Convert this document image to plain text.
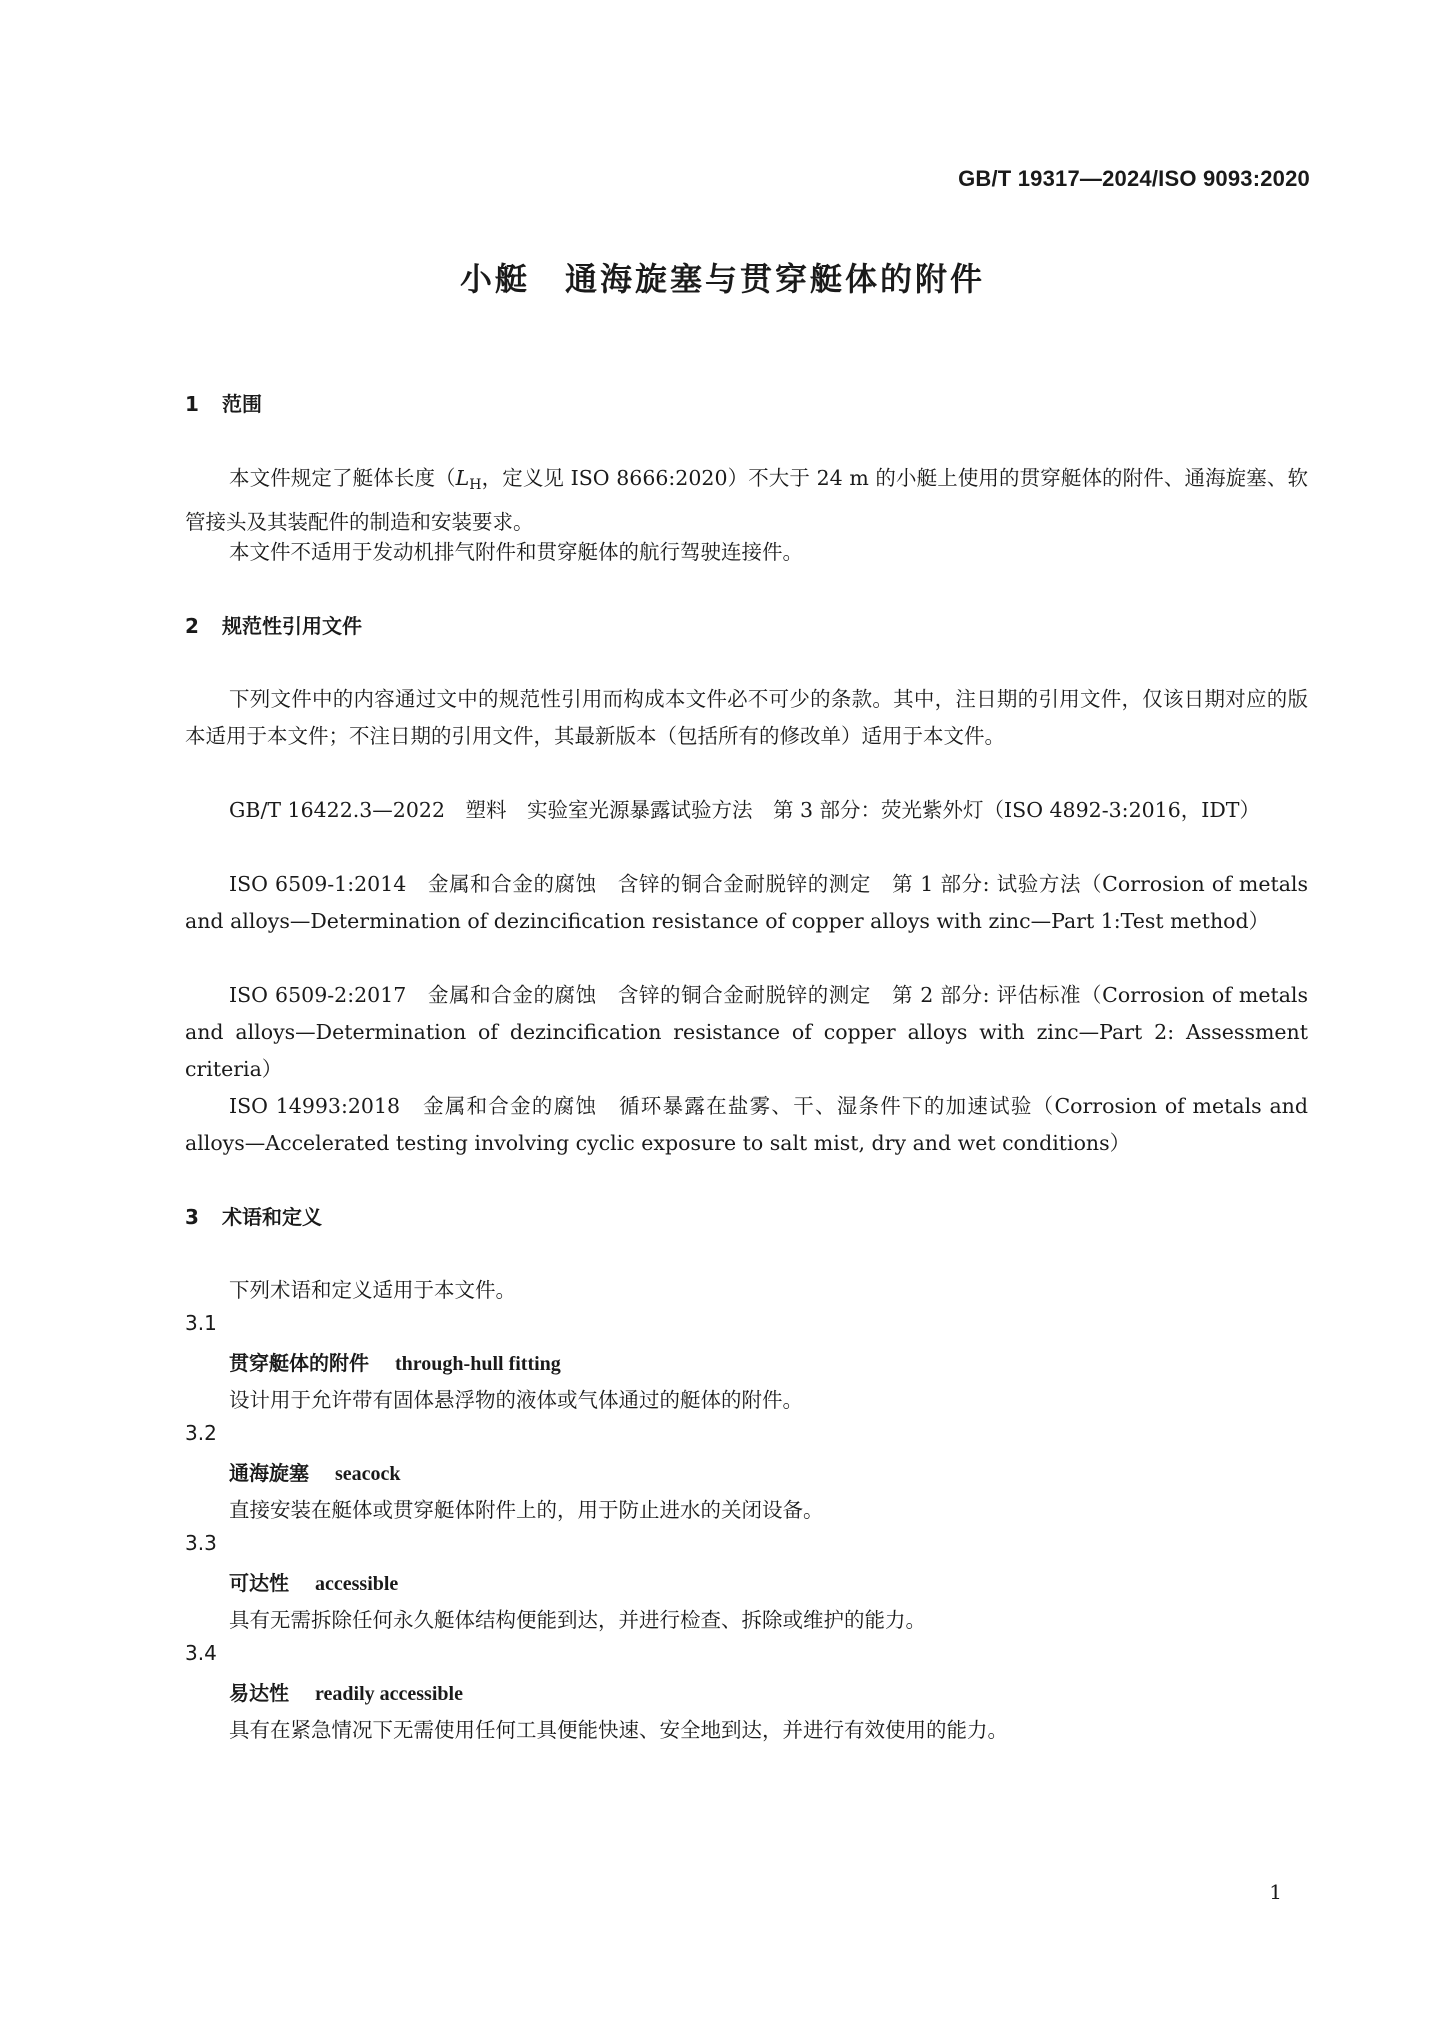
GB/T 19317—2024/ISO 9093:2020
小艇　通海旋塞与贯穿艇体的附件
1 范围

本文件规定了艇体长度（$L_H$，定义见 ISO 8666:2020）不大于 24 m 的小艇上使用的贯穿艇体的附件、通海旋塞、软管接头及其装配件的制造和安装要求。

本文件不适用于发动机排气附件和贯穿艇体的航行驾驶连接件。

2 规范性引用文件

下列文件中的内容通过文中的规范性引用而构成本文件必不可少的条款。其中，注日期的引用文件，仅该日期对应的版本适用于本文件；不注日期的引用文件，其最新版本（包括所有的修改单）适用于本文件。

GB/T 16422.3—2022　塑料　实验室光源暴露试验方法　第 3 部分：荧光紫外灯（ISO 4892-3:2016，IDT）

ISO 6509-1:2014　金属和合金的腐蚀　含锌的铜合金耐脱锌的测定　第 1 部分: 试验方法（Corrosion of metals and alloys—Determination of dezincification resistance of copper alloys with zinc—Part 1:Test method）

ISO 6509-2:2017　金属和合金的腐蚀　含锌的铜合金耐脱锌的测定　第 2 部分: 评估标准（Corrosion of metals and alloys—Determination of dezincification resistance of copper alloys with zinc—Part 2: Assessment criteria）

ISO 14993:2018　金属和合金的腐蚀　循环暴露在盐雾、干、湿条件下的加速试验（Corrosion of metals and alloys—Accelerated testing involving cyclic exposure to salt mist, dry and wet conditions）

3 术语和定义
下列术语和定义适用于本文件。
3.1
贯穿艇体的附件 through-hull fitting
设计用于允许带有固体悬浮物的液体或气体通过的艇体的附件。
3.2
通海旋塞 seacock
直接安装在艇体或贯穿艇体附件上的，用于防止进水的关闭设备。
3.3
可达性 accessible
具有无需拆除任何永久艇体结构便能到达，并进行检查、拆除或维护的能力。
3.4
易达性 readily accessible
具有在紧急情况下无需使用任何工具便能快速、安全地到达，并进行有效使用的能力。
1
